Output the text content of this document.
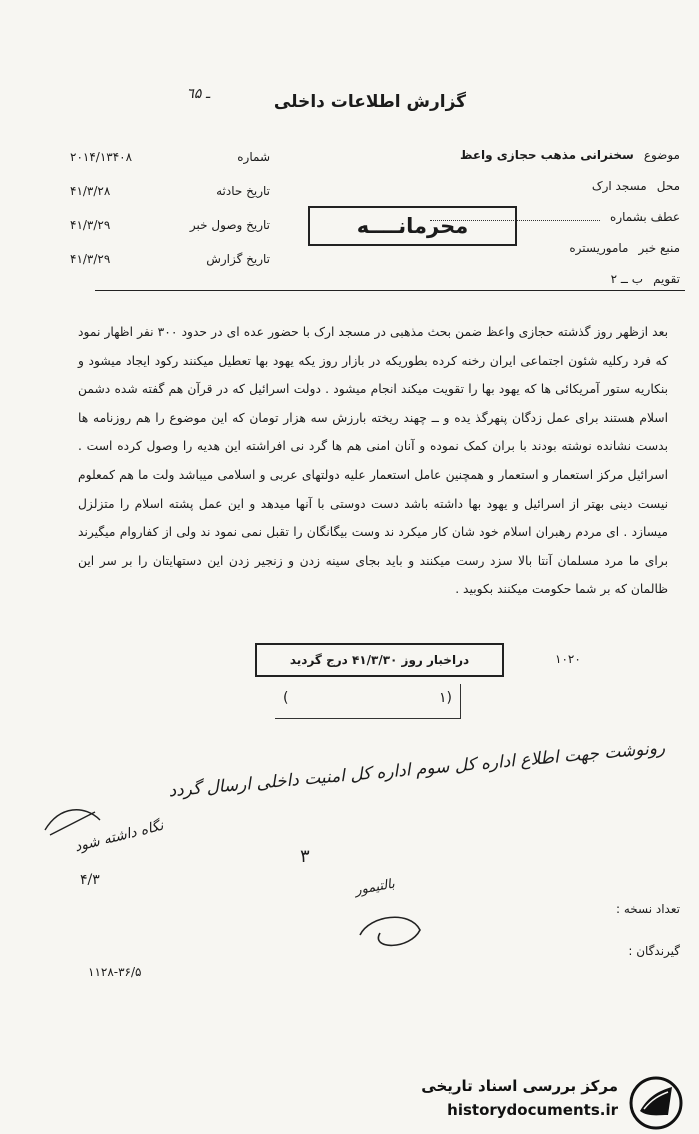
ـ ٦۵	گزارش اطلاعات داخلی
شماره
۲۰۱۴/۱۳۴۰۸
تاریخ حادثه
۴۱/۳/۲۸
تاریخ وصول خبر
۴۱/۳/۲۹
تاریخ گزارش
۴۱/۳/۲۹
موضوع
سخنرانی مذهب حجازی واعظ
محل
مسجد ارک
عطف بشماره
منبع خبر
ماموریستره
تقویم
ب ــ ۲
محرمانــــه
بعد ازظهر روز گذشته حجازی واعظ ضمن بحث مذهبی در مسجد ارک با حضور عده ای در حدود ۳۰۰ نفر اظهار نمود که فرد رکلیه شئون اجتماعی ایران رخنه کرده بطوریکه در بازار روز یکه یهود بها تعطیل میکنند رکود ایجاد میشود و بنکاریه ستور آمریکائی ها که یهود بها را تقویت میکند انجام میشود . دولت اسرائیل که در قرآن هم گفته شده دشمن اسلام هستند برای عمل زدگان پنهرگذ یده و ــ چهند ریخته بارزش سه هزار تومان که این موضوع را هم روزنامه ها بدست نشانده نوشته بودند با بران کمک نموده و آنان امنی هم ها گرد نی افراشته این هدیه را وصول کرده است . اسرائیل مرکز استعمار و استعمار و همچنین عامل استعمار علیه دولتهای عربی و اسلامی میباشد ولت ما هم کمعلوم نیست دینی بهتر از اسرائیل و یهود بها داشته باشد دست دوستی با آنها میدهد و این عمل پشته اسلام را متزلزل میسازد . ای مردم رهبران اسلام خود شان کار میکرد ند وست بیگانگان را تقبل نمی نمود ند ولی از کفاروام میگیرند برای ما مرد مسلمان آنتا بالا سزد رست میکنند و باید بجای سینه زدن و زنجیر زدن این دستهایتان را بر سر این ظالمان که بر شما حکومت میکنند بکوبید .
۱۰۲۰
دراخبار روز ۴۱/۳/۳۰ درج گردید
(	١)
رونوشت جهت اطلاع اداره کل سوم اداره کل امنیت داخلی ارسال گردد
نگاه داشته شود
۴/۳
۳
بالتیمور
تعداد نسخه :
گیرندگان :
۱۱۲۸-۳۶/۵
مرکز بررسی اسناد تاریخی
historydocuments.ir
